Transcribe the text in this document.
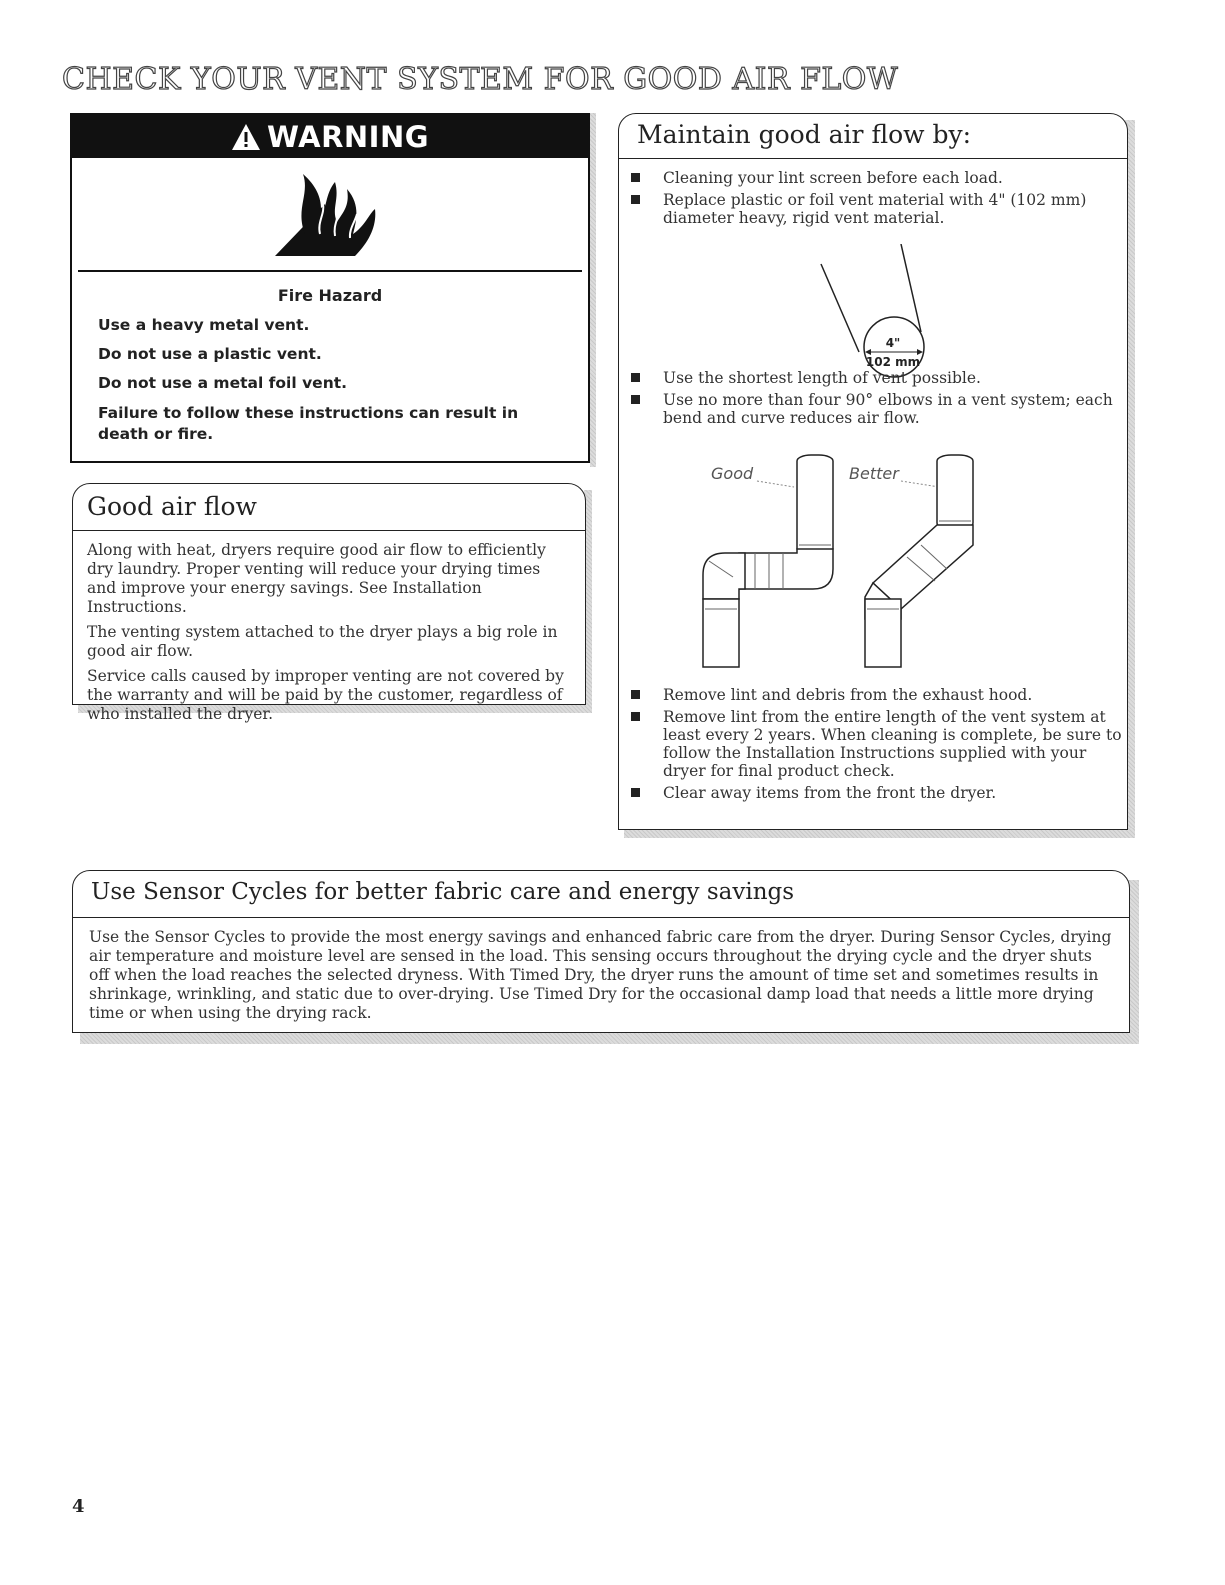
CHECK YOUR VENT SYSTEM FOR GOOD AIR FLOW
WARNING
Fire Hazard
Use a heavy metal vent.
Do not use a plastic vent.
Do not use a metal foil vent.
Failure to follow these instructions can result in death or fire.
Good air flow

Along with heat, dryers require good air flow to efficiently dry laundry. Proper venting will reduce your drying times and improve your energy savings. See Installation Instructions.

The venting system attached to the dryer plays a big role in good air flow.

Service calls caused by improper venting are not covered by the warranty and will be paid by the customer, regardless of who installed the dryer.

Maintain good air flow by:
Cleaning your lint screen before each load.
Replace plastic or foil vent material with 4" (102 mm) diameter heavy, rigid vent material.
4"
102 mm
Use the shortest length of vent possible.
Use no more than four 90° elbows in a vent system; each bend and curve reduces air flow.
Good	Better
Remove lint and debris from the exhaust hood.
Remove lint from the entire length of the vent system at least every 2 years. When cleaning is complete, be sure to follow the Installation Instructions supplied with your dryer for final product check.
Clear away items from the front the dryer.
Use Sensor Cycles for better fabric care and energy savings
Use the Sensor Cycles to provide the most energy savings and enhanced fabric care from the dryer. During Sensor Cycles, drying air temperature and moisture level are sensed in the load. This sensing occurs throughout the drying cycle and the dryer shuts off when the load reaches the selected dryness. With Timed Dry, the dryer runs the amount of time set and sometimes results in shrinkage, wrinkling, and static due to over-drying. Use Timed Dry for the occasional damp load that needs a little more drying time or when using the drying rack.
4
